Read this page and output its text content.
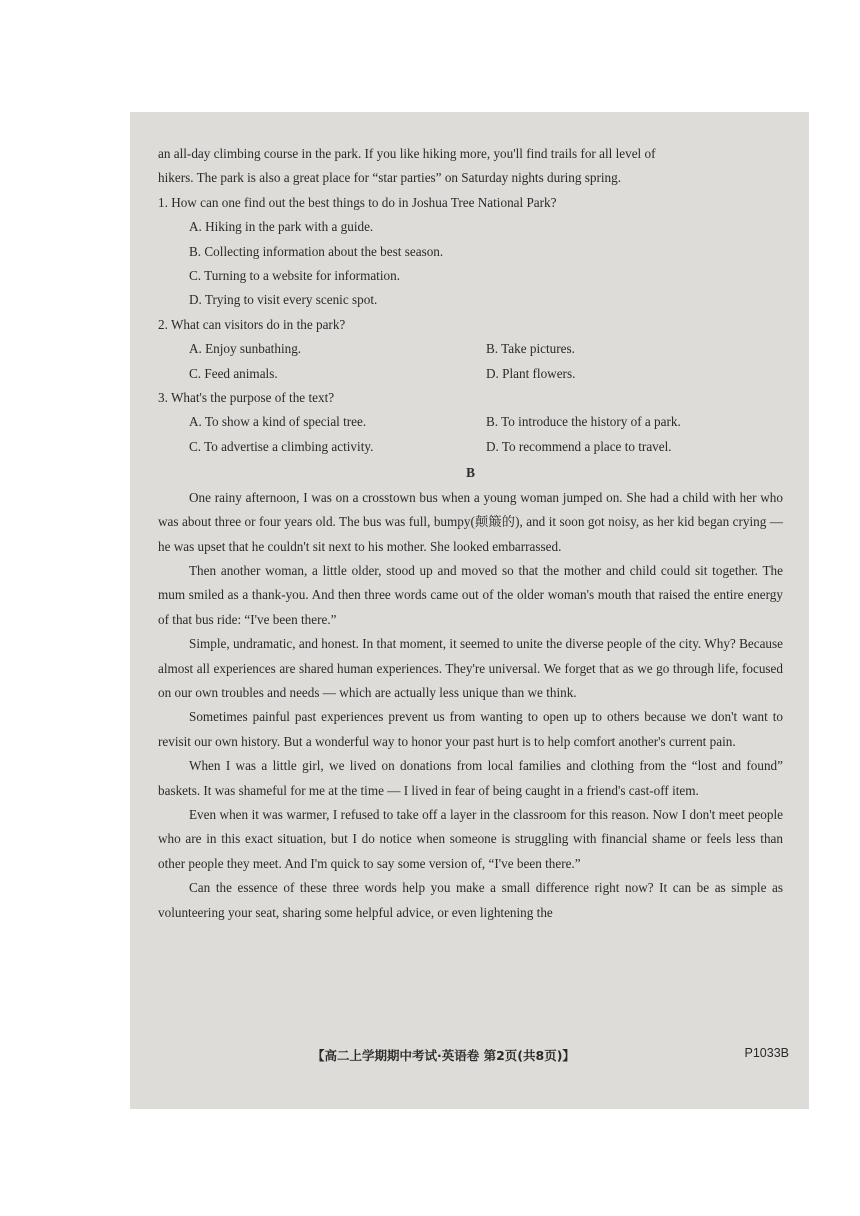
an all-day climbing course in the park. If you like hiking more, you'll find trails for all level of
hikers. The park is also a great place for “star parties” on Saturday nights during spring.
1. How can one find out the best things to do in Joshua Tree National Park?
A. Hiking in the park with a guide.
B. Collecting information about the best season.
C. Turning to a website for information.
D. Trying to visit every scenic spot.
2. What can visitors do in the park?
A. Enjoy sunbathing.	B. Take pictures.
C. Feed animals.	D. Plant flowers.
3. What's the purpose of the text?
A. To show a kind of special tree.	B. To introduce the history of a park.
C. To advertise a climbing activity.	D. To recommend a place to travel.
B

One rainy afternoon, I was on a crosstown bus when a young woman jumped on. She had a child with her who was about three or four years old. The bus was full, bumpy(颠簸的), and it soon got noisy, as her kid began crying — he was upset that he couldn't sit next to his mother. She looked embarrassed.

Then another woman, a little older, stood up and moved so that the mother and child could sit together. The mum smiled as a thank-you. And then three words came out of the older woman's mouth that raised the entire energy of that bus ride: “I've been there.”

Simple, undramatic, and honest. In that moment, it seemed to unite the diverse people of the city. Why? Because almost all experiences are shared human experiences. They're universal. We forget that as we go through life, focused on our own troubles and needs — which are actually less unique than we think.

Sometimes painful past experiences prevent us from wanting to open up to others because we don't want to revisit our own history. But a wonderful way to honor your past hurt is to help comfort another's current pain.

When I was a little girl, we lived on donations from local families and clothing from the “lost and found” baskets. It was shameful for me at the time — I lived in fear of being caught in a friend's cast-off item.

Even when it was warmer, I refused to take off a layer in the classroom for this reason. Now I don't meet people who are in this exact situation, but I do notice when someone is struggling with financial shame or feels less than other people they meet. And I'm quick to say some version of, “I've been there.”

Can the essence of these three words help you make a small difference right now? It can be as simple as volunteering your seat, sharing some helpful advice, or even lightening the

【高二上学期期中考试·英语卷 第2页(共8页)】	P1033B
